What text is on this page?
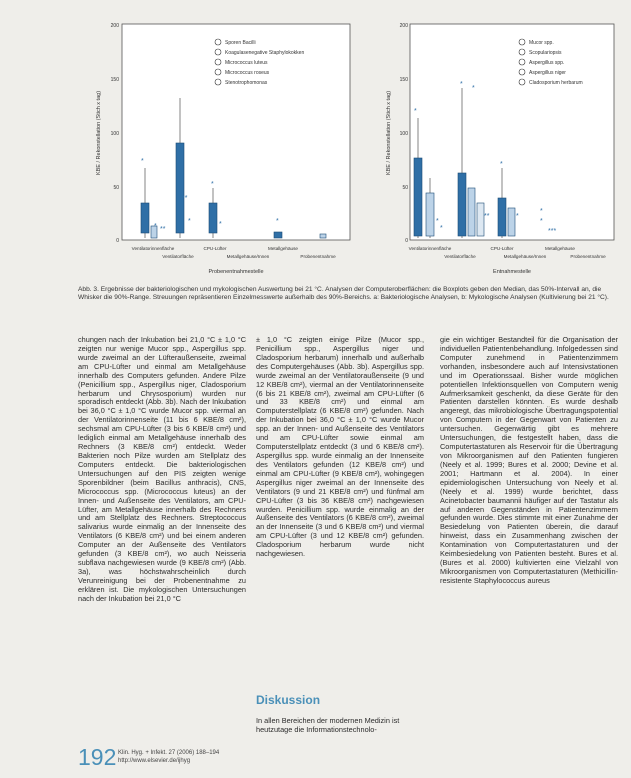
KBE / Rekonstellation (Stich x tag)
200
150
100
50
0
Sporen Bacilli
Koagulasenegative Staphylokokken
Micrococcus luteus
Micrococcus roseus
Stenotrophomonas
*
* **
**
*
*
*	*
Ventilatorinnenfläche	CPU-Lüfter	Metallgehäuse
Ventilatorfläche	Metallgehäuse/Innen	Probenentnahme
Probenentnahmestelle
KBE / Rekonstellation (Stich x tag)
200
150
100
50
0
Mucor spp.
Scopulariopsis
Aspergillus spp.
Aspergillus niger
Cladosporium herbarum
*
*
*
*
*
**
*
*
*
*
***
Ventilatorinnenfläche	CPU-Lüfter	Metallgehäuse
Ventilatorfläche	Metallgehäuse/Innen	Probenentnahme
Entnahmestelle
Abb. 3. Ergebnisse der bakteriologischen und mykologischen Auswertung bei 21 °C. Analysen der Computeroberflächen: die Boxplots geben den Median, das 50%-Intervall an, die Whisker die 90%-Range. Streuungen repräsentieren Einzelmesswerte außerhalb des 90%-Bereichs. a: Bakteriologische Analysen, b: Mykologische Analysen (Kultivierung bei 21 °C).

chungen nach der Inkubation bei 21,0 °C ± 1,0 °C zeigten nur wenige Mucor spp., Aspergillus spp. wurde zweimal an der Lüfteraußenseite, zweimal am CPU-Lüfter und einmal am Metallgehäuse innerhalb des Computers gefunden. Andere Pilze (Penicillium spp., Aspergillus niger, Cladosporium herbarum und Chrysosporium) wurden nur sporadisch entdeckt (Abb. 3b). Nach der Inkubation bei 36,0 °C ± 1,0 °C wurde Mucor spp. viermal an der Ventilatorinnenseite (11 bis 6 KBE/8 cm²), sechsmal am CPU-Lüfter (3 bis 6 KBE/8 cm²) und lediglich einmal am Metallgehäuse innerhalb des Rechners (3 KBE/8 cm²) entdeckt. Weder Bakterien noch Pilze wurden am Stellplatz des Computers entdeckt. Die bakteriologischen Untersuchungen auf den PIS zeigten wenige Sporenbildner (beim Bacillus anthracis), CNS, Micrococcus spp. (Micrococcus luteus) an der Innen- und Außenseite des Ventilators, am CPU-Lüfter, am Metallgehäuse innerhalb des Rechners und am Stellplatz des Rechners. Streptococcus salivarius wurde einmalig an der Innenseite des Ventilators (6 KBE/8 cm²) und bei einem anderen Computer an der Außenseite des Ventilators gefunden (3 KBE/8 cm²), wo auch Neisseria subflava nachgewiesen wurde (9 KBE/8 cm²) (Abb. 3a), was höchstwahrscheinlich durch Verunreinigung bei der Probenentnahme zu erklären ist. Die mykologischen Untersuchungen nach der Inkubation bei 21,0 °C

± 1,0 °C zeigten einige Pilze (Mucor spp., Penicillium spp., Aspergillus niger und Cladosporium herbarum) innerhalb und außerhalb des Computergehäuses (Abb. 3b). Aspergillus spp. wurde zweimal an der Ventilatoraußenseite (9 und 12 KBE/8 cm²), viermal an der Ventilatorinnenseite (6 bis 21 KBE/8 cm²), zweimal am CPU-Lüfter (6 und 33 KBE/8 cm²) und einmal am Computerstellplatz (6 KBE/8 cm²) gefunden. Nach der Inkubation bei 36,0 °C ± 1,0 °C wurde Mucor spp. an der Innen- und Außenseite des Ventilators und am CPU-Lüfter sowie einmal am Computerstellplatz entdeckt (3 und 6 KBE/8 cm²). Aspergillus spp. wurde einmalig an der Innenseite des Ventilators gefunden (12 KBE/8 cm²) und einmal am CPU-Lüfter (9 KBE/8 cm²), wohingegen Aspergillus niger zweimal an der Innenseite des Ventilators (9 und 21 KBE/8 cm²) und fünfmal am CPU-Lüfter (3 bis 36 KBE/8 cm²) nachgewiesen wurden. Penicillium spp. wurde einmalig an der Außenseite des Ventilators (6 KBE/8 cm²), zweimal an der Innenseite (3 und 6 KBE/8 cm²) und viermal am CPU-Lüfter (3 und 12 KBE/8 cm²) gefunden. Cladosporium herbarum wurde nicht nachgewiesen.

Diskussion
In allen Bereichen der modernen Medizin ist heutzutage die Informationstechnolo-

gie ein wichtiger Bestandteil für die Organisation der individuellen Patientenbehandlung. Infolgedessen sind Computer zunehmend in Patientenzimmern vorhanden, insbesondere auch auf Intensivstationen und im Operationssaal. Bisher wurde möglichen potentiellen Infektionsquellen von Computern wenig Aufmerksamkeit geschenkt, da diese Geräte für den Patienten darstellen könnten. Es wurde deshalb angeregt, das mikrobiologische Übertragungspotential von Computern in der Gegenwart von Patienten zu untersuchen. Gegenwärtig gibt es mehrere Untersuchungen, die festgestellt haben, dass die Computertastaturen als Reservoir für die Übertragung von Mikroorganismen auf den Patienten fungieren (Neely et al. 1999; Bures et al. 2000; Devine et al. 2001; Hartmann et al. 2004). In einer epidemiologischen Untersuchung von Neely et al. (Neely et al. 1999) wurde berichtet, dass Acinetobacter baumannii häufiger auf der Tastatur als auf anderen Gegenständen in Patientenzimmern gefunden wurde. Dies stimmte mit einer Zunahme der Besiedelung von Patienten überein, die darauf hinweist, dass ein Zusammenhang zwischen der Kontamination von Computertastaturen und der Keimbesiedelung von Patienten besteht. Bures et al. (Bures et al. 2000) kultivierten eine Vielzahl von Mikroorganismen von Computertastaturen (Methicillin-resistente Staphylococcus aureus

192 Klin. Hyg. + Infekt. 27 (2006) 188–194
http://www.elsevier.de/ijhyg
